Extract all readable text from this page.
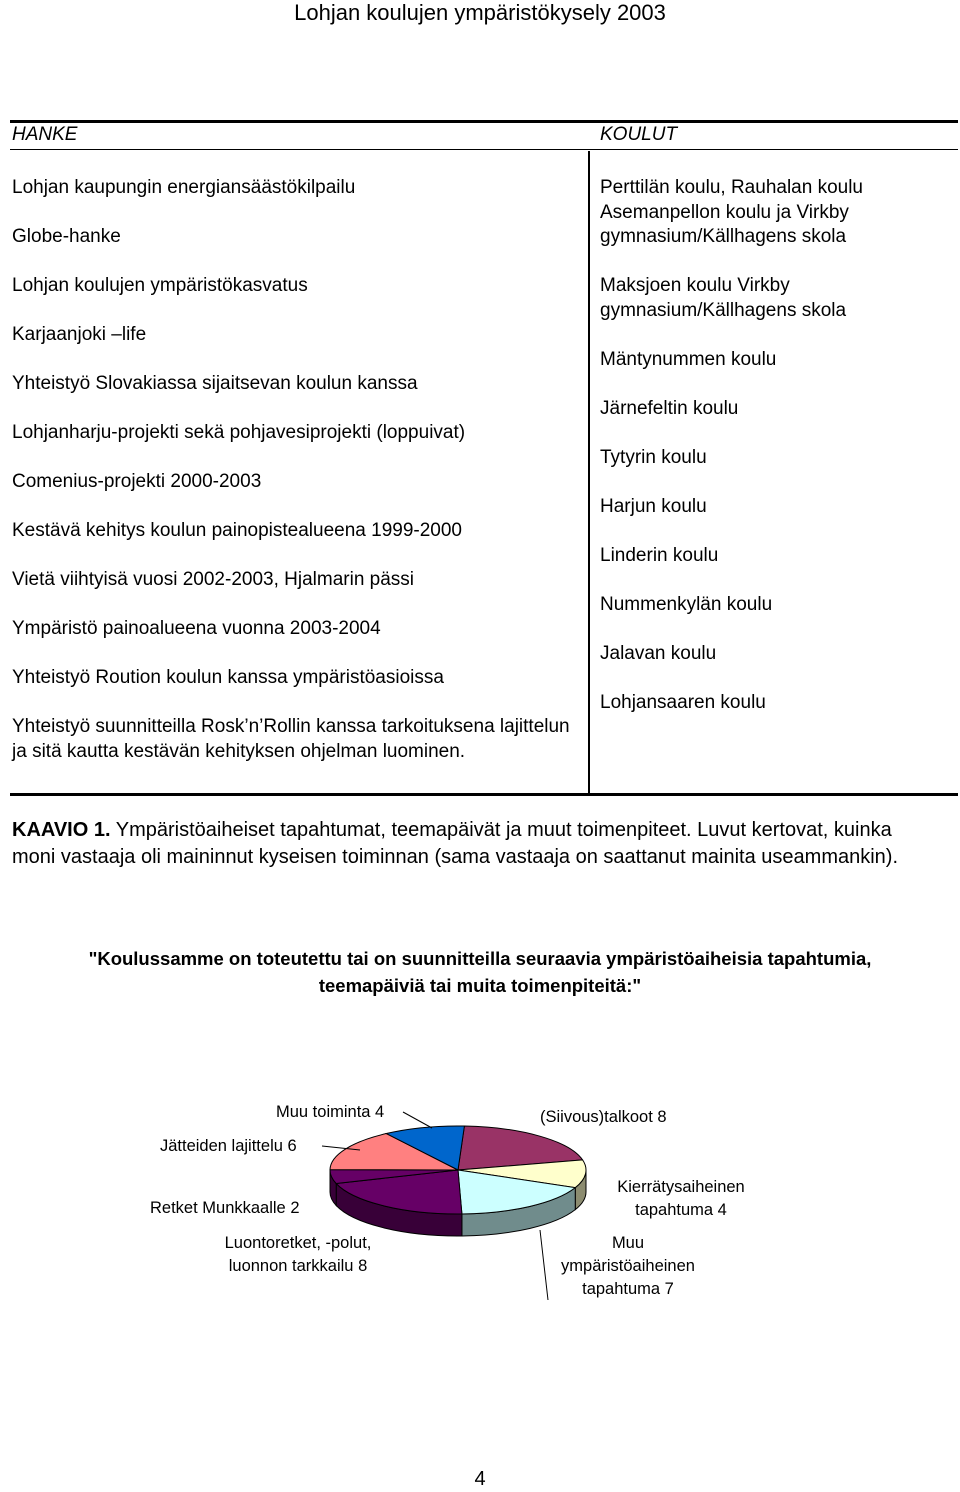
Lohjan koulujen ympäristökysely 2003
HANKE
Lohjan kaupungin energiansäästökilpailu
Globe-hanke
Lohjan koulujen ympäristökasvatus
Karjaanjoki –life
Yhteistyö Slovakiassa sijaitsevan koulun kanssa
Lohjanharju-projekti sekä pohjavesiprojekti (loppuivat)
Comenius-projekti 2000-2003
Kestävä kehitys koulun painopistealueena 1999-2000
Vietä viihtyisä vuosi 2002-2003, Hjalmarin pässi
Ympäristö painoalueena vuonna 2003-2004
Yhteistyö Roution koulun kanssa ympäristöasioissa
Yhteistyö suunnitteilla Rosk’n’Rollin kanssa tarkoituksena lajittelun ja sitä kautta kestävän kehityksen ohjelman luominen.
KOULUT
Perttilän koulu, Rauhalan koulu Asemanpellon koulu ja Virkby gymnasium/Källhagens skola
Maksjoen koulu Virkby gymnasium/Källhagens skola
Mäntynummen koulu
Järnefeltin koulu
Tytyrin koulu
Harjun koulu
Linderin koulu
Nummenkylän koulu
Jalavan koulu
Lohjansaaren koulu
KAAVIO 1. Ympäristöaiheiset tapahtumat, teemapäivät ja muut toimenpiteet. Luvut kertovat, kuinka moni vastaaja oli maininnut kyseisen toiminnan (sama vastaaja on saattanut mainita useammankin).
"Koulussamme on toteutettu tai on suunnitteilla seuraavia ympäristöaiheisia tapahtumia, teemapäiviä tai muita toimenpiteitä:"
Muu toiminta 4	(Siivous)talkoot 8
Jätteiden lajittelu 6
Kierrätysaiheinen
tapahtuma 4
Retket Munkkaalle 2
Luontoretket, -polut,
luonnon tarkkailu 8
Muu
ympäristöaiheinen
tapahtuma 7
4
